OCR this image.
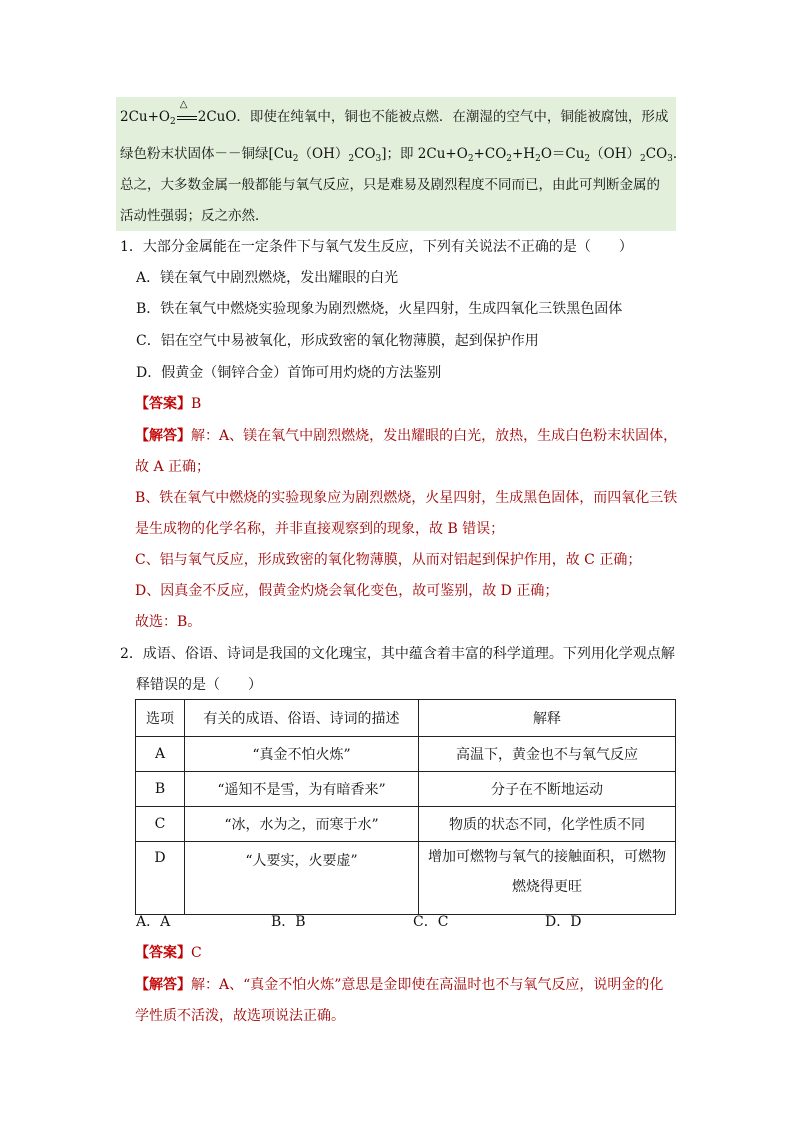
$2Cu+O_2$
△
2CuO．即使在纯氧中，铜也不能被点燃．在潮湿的空气中，铜能被腐蚀，形成
绿色粉末状固体－－铜绿$[Cu_2(OH)_2CO_3]$；即 $2Cu+O_2+CO_2+H_2O=Cu_2(OH)_2CO_3$．
总之，大多数金属一般都能与氧气反应，只是难易及剧烈程度不同而已，由此可判断金属的
活动性强弱；反之亦然．
1．大部分金属能在一定条件下与氧气发生反应，下列有关说法不正确的是（　　）
A．镁在氧气中剧烈燃烧，发出耀眼的白光
B．铁在氧气中燃烧实验现象为剧烈燃烧，火星四射，生成四氧化三铁黑色固体
C．铝在空气中易被氧化，形成致密的氧化物薄膜，起到保护作用
D．假黄金（铜锌合金）首饰可用灼烧的方法鉴别
【答案】B
【解答】解：A、镁在氧气中剧烈燃烧，发出耀眼的白光，放热，生成白色粉末状固体，
故 A 正确；
B、铁在氧气中燃烧的实验现象应为剧烈燃烧，火星四射，生成黑色固体，而四氧化三铁
是生成物的化学名称，并非直接观察到的现象，故 B 错误；
C、铝与氧气反应，形成致密的氧化物薄膜，从而对铝起到保护作用，故 C 正确；
D、因真金不反应，假黄金灼烧会氧化变色，故可鉴别，故 D 正确；
故选：B。
2．成语、俗语、诗词是我国的文化瑰宝，其中蕴含着丰富的科学道理。下列用化学观点解
释错误的是（　　）
选项	有关的成语、俗语、诗词的描述	解释
A	“真金不怕火炼”	高温下，黄金也不与氧气反应
B	“遥知不是雪，为有暗香来”	分子在不断地运动
C	“冰，水为之，而寒于水”	物质的状态不同，化学性质不同
D	“人要实，火要虚”	增加可燃物与氧气的接触面积，可燃物燃烧得更旺
A．A	B．B	C．C	D．D
【答案】C
【解答】解：A、“真金不怕火炼”意思是金即使在高温时也不与氧气反应，说明金的化
学性质不活泼，故选项说法正确。
